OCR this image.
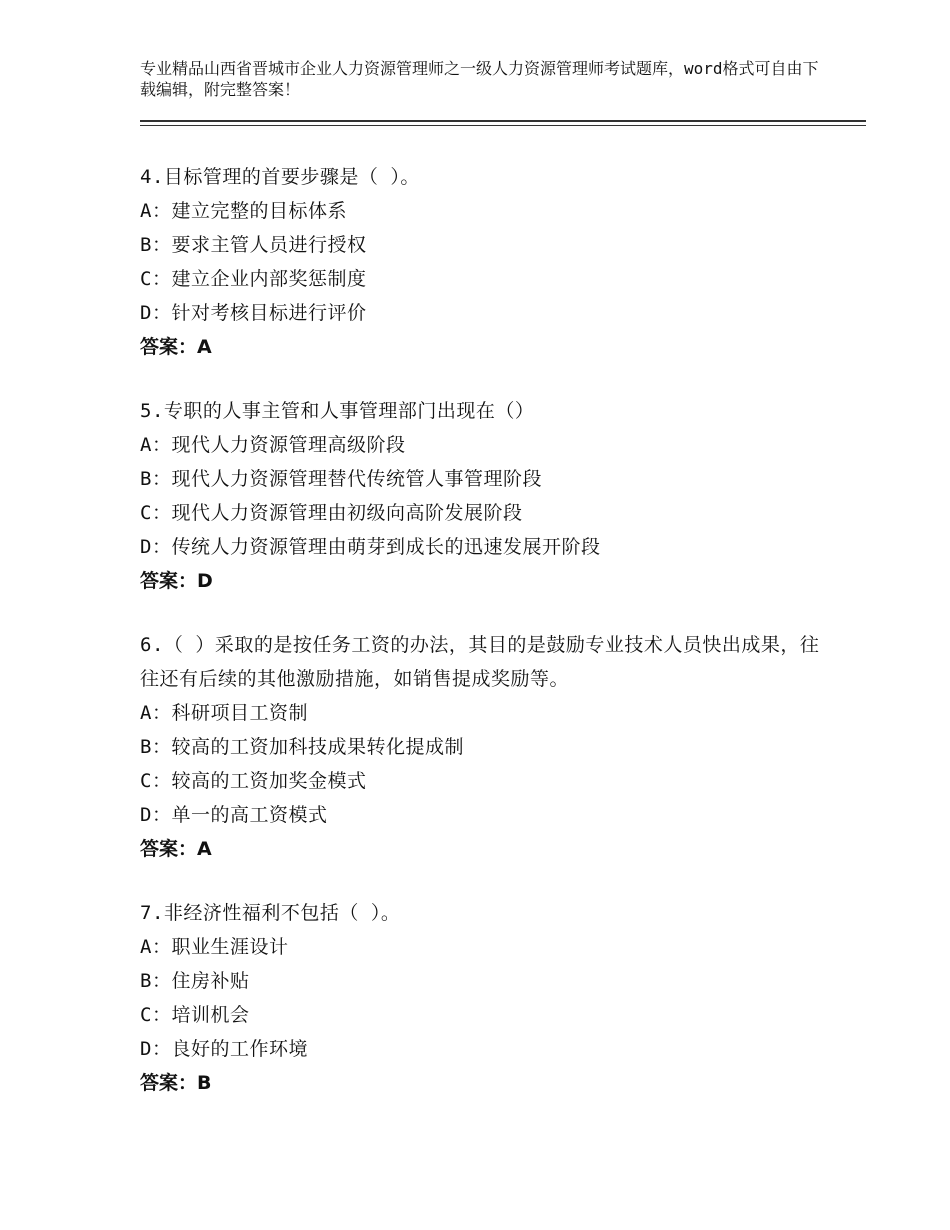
专业精品山西省晋城市企业人力资源管理师之一级人力资源管理师考试题库，word格式可自由下载编辑，附完整答案！
4.目标管理的首要步骤是（ ）。
A：建立完整的目标体系
B：要求主管人员进行授权
C：建立企业内部奖惩制度
D：针对考核目标进行评价
答案：A
5.专职的人事主管和人事管理部门出现在（）
A：现代人力资源管理高级阶段
B：现代人力资源管理替代传统管人事管理阶段
C：现代人力资源管理由初级向高阶发展阶段
D：传统人力资源管理由萌芽到成长的迅速发展开阶段
答案：D
6.（ ）采取的是按任务工资的办法，其目的是鼓励专业技术人员快出成果，往往还有后续的其他激励措施，如销售提成奖励等。
A：科研项目工资制
B：较高的工资加科技成果转化提成制
C：较高的工资加奖金模式
D：单一的高工资模式
答案：A
7.非经济性福利不包括（ ）。
A：职业生涯设计
B：住房补贴
C：培训机会
D：良好的工作环境
答案：B
